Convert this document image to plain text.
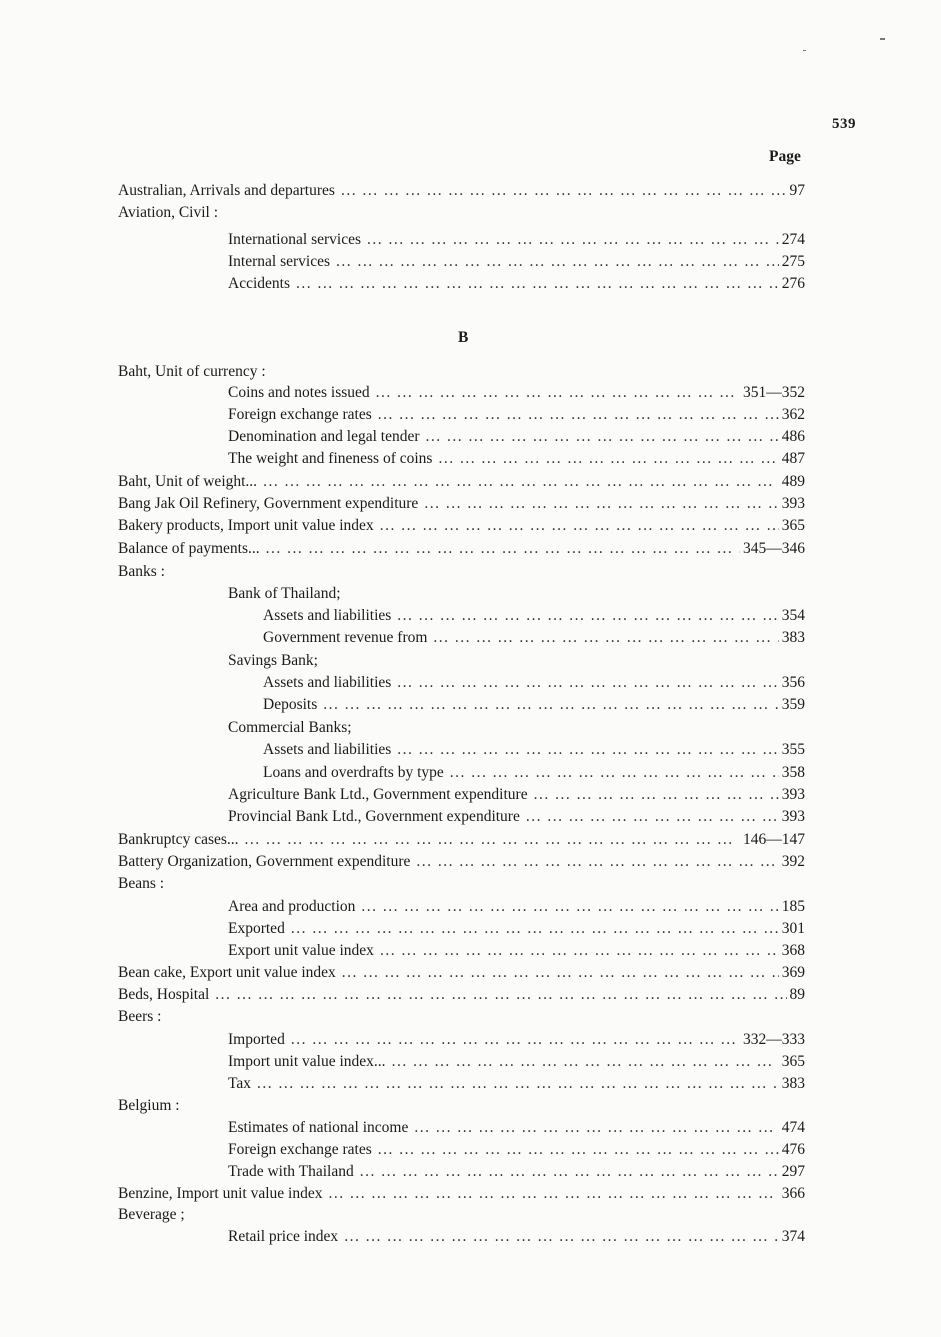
539
Page
B
Australian, Arrivals and departures ... .	97
Aviation, Civil :
International services ... .	274
Internal services ... .	275
Accidents ... .	276
Baht, Unit of currency :
Coins and notes issued ... .	351—352
Foreign exchange rates ... .	362
Denomination and legal tender ... .	486
The weight and fineness of coins ... .	487
Baht, Unit of weight... ... .	489
Bang Jak Oil Refinery, Government expenditure ... .	393
Bakery products, Import unit value index ... .	365
Balance of payments... ... .	345—346
Banks :
Bank of Thailand;
Assets and liabilities ... .	354
Government revenue from ... .	383
Savings Bank;
Assets and liabilities ... .	356
Deposits ... .	359
Commercial Banks;
Assets and liabilities ... .	355
Loans and overdrafts by type ... .	358
Agriculture Bank Ltd., Government expenditure ... .	393
Provincial Bank Ltd., Government expenditure ... .	393
Bankruptcy cases... ... .	146—147
Battery Organization, Government expenditure ... .	392
Beans :
Area and production ... .	185
Exported ... .	301
Export unit value index ... .	368
Bean cake, Export unit value index ... .	369
Beds, Hospital ... .	89
Beers :
Imported ... .	332—333
Import unit value index... ... .	365
Tax ... .	383
Belgium :
Estimates of national income ... .	474
Foreign exchange rates ... .	476
Trade with Thailand ... .	297
Benzine, Import unit value index ... .	366
Beverage ;
Retail price index ... .	374
